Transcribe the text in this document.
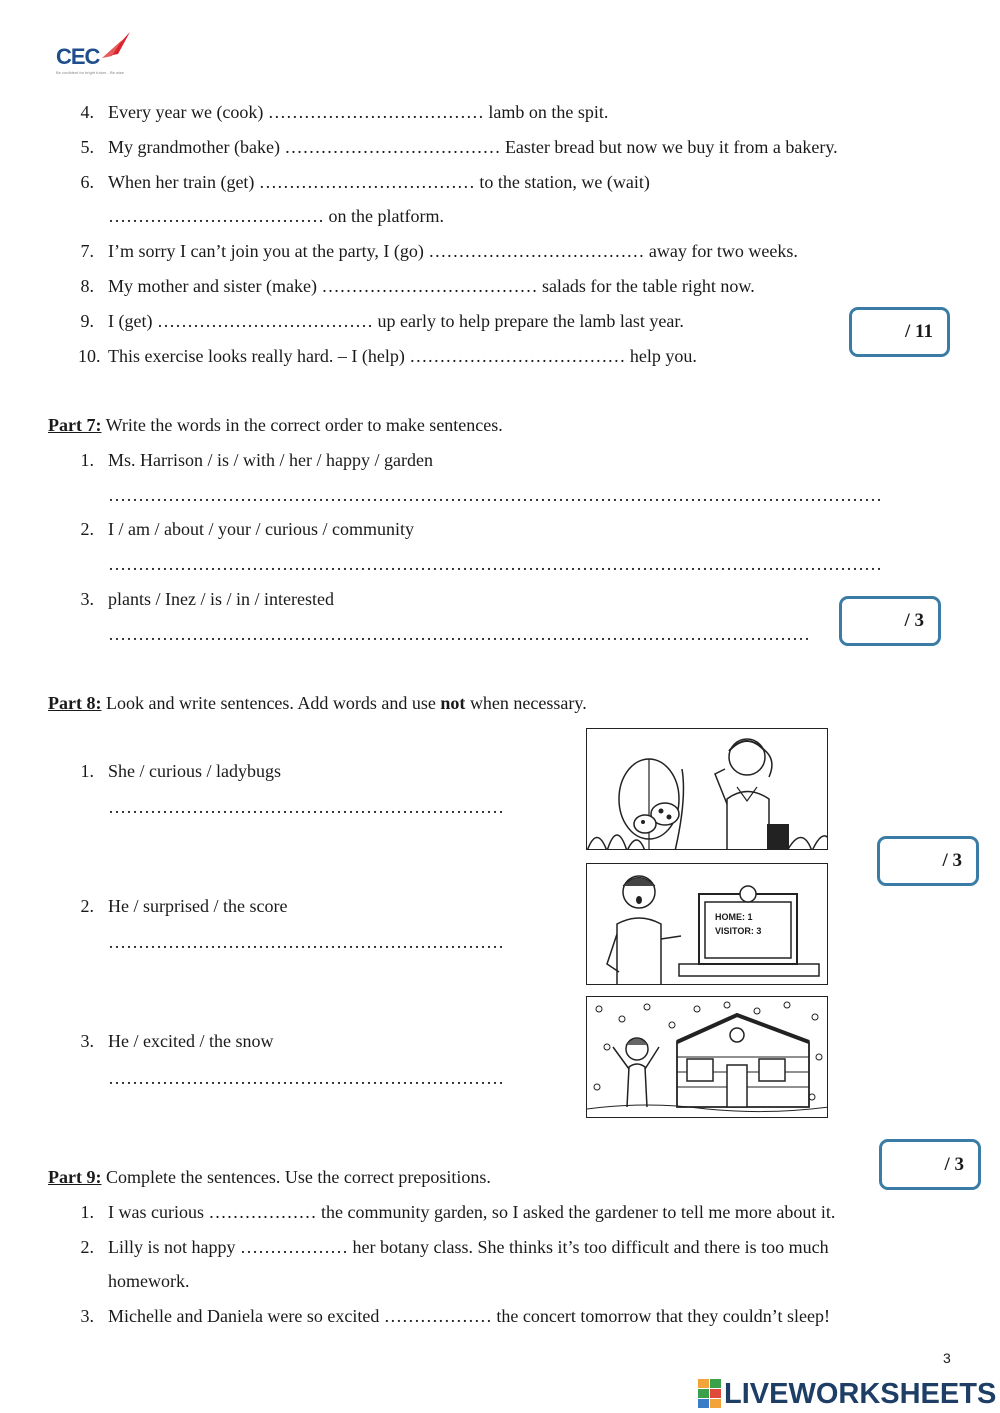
CEC
Be confident for bright future - Be wise
4. Every year we (cook) ……………………………… lamb on the spit.
5. My grandmother (bake) ……………………………… Easter bread but now we buy it from a bakery.
6. When her train (get) ……………………………… to the station, we (wait)
……………………………… on the platform.
7. I’m sorry I can’t join you at the party, I (go) ……………………………… away for two weeks.
8. My mother and sister (make) ……………………………… salads for the table right now.
9. I (get) ……………………………… up early to help prepare the lamb last year.
10. This exercise looks really hard. – I (help) ……………………………… help you.
/ 11
Part 7: Write the words in the correct order to make sentences.
1. Ms. Harrison / is / with / her / happy / garden
…………………………………………………………………………………………………………………
2. I / am / about / your / curious / community
…………………………………………………………………………………………………………………
3. plants / Inez / is / in / interested
………………………………………………………………………………………………………
/ 3
Part 8: Look and write sentences. Add words and use not when necessary.
1. She / curious / ladybugs
…………………………………………………………
2. He / surprised / the score
…………………………………………………………
3. He / excited / the snow
…………………………………………………………
HOME: 1
VISITOR: 3
/ 3
/ 3
Part 9: Complete the sentences. Use the correct prepositions.
1. I was curious ……………… the community garden, so I asked the gardener to tell me more about it.
2. Lilly is not happy ……………… her botany class. She thinks it’s too difficult and there is too much
homework.
3. Michelle and Daniela were so excited ……………… the concert tomorrow that they couldn’t sleep!
3
LIVEWORKSHEETS
